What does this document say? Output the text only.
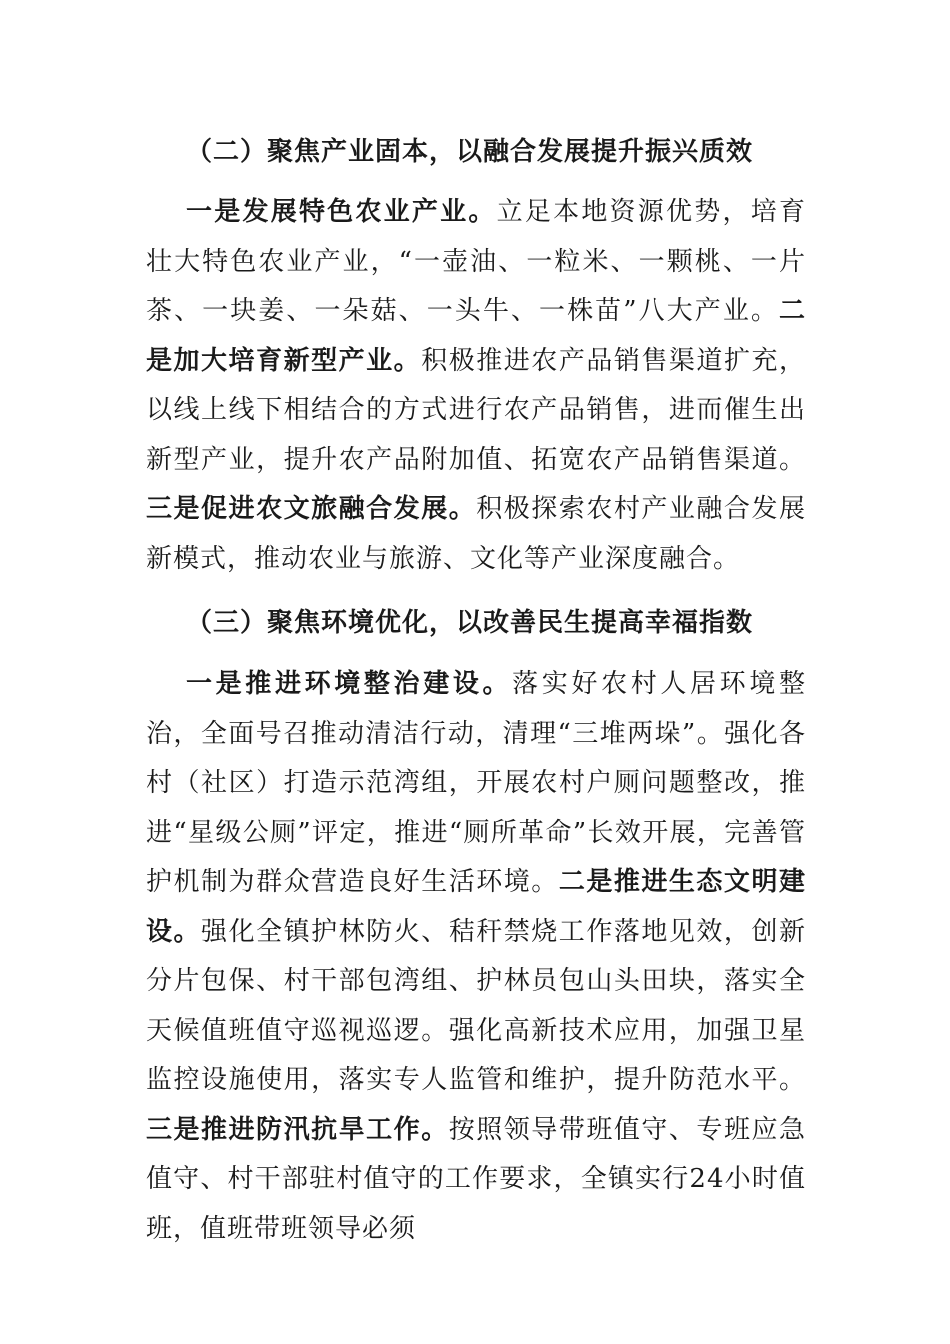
（二）聚焦产业固本，以融合发展提升振兴质效
一是发展特色农业产业。立足本地资源优势，培育壮大特色农业产业，“一壶油、一粒米、一颗桃、一片茶、一块姜、一朵菇、一头牛、一株苗”八大产业。二是加大培育新型产业。积极推进农产品销售渠道扩充，以线上线下相结合的方式进行农产品销售，进而催生出新型产业，提升农产品附加值、拓宽农产品销售渠道。三是促进农文旅融合发展。积极探索农村产业融合发展新模式，推动农业与旅游、文化等产业深度融合。
（三）聚焦环境优化，以改善民生提高幸福指数
一是推进环境整治建设。落实好农村人居环境整治，全面号召推动清洁行动，清理“三堆两垛”。强化各村（社区）打造示范湾组，开展农村户厕问题整改，推进“星级公厕”评定，推进“厕所革命”长效开展，完善管护机制为群众营造良好生活环境。二是推进生态文明建设。强化全镇护林防火、秸秆禁烧工作落地见效，创新分片包保、村干部包湾组、护林员包山头田块，落实全天候值班值守巡视巡逻。强化高新技术应用，加强卫星监控设施使用，落实专人监管和维护，提升防范水平。三是推进防汛抗旱工作。按照领导带班值守、专班应急值守、村干部驻村值守的工作要求，全镇实行24小时值班，值班带班领导必须
